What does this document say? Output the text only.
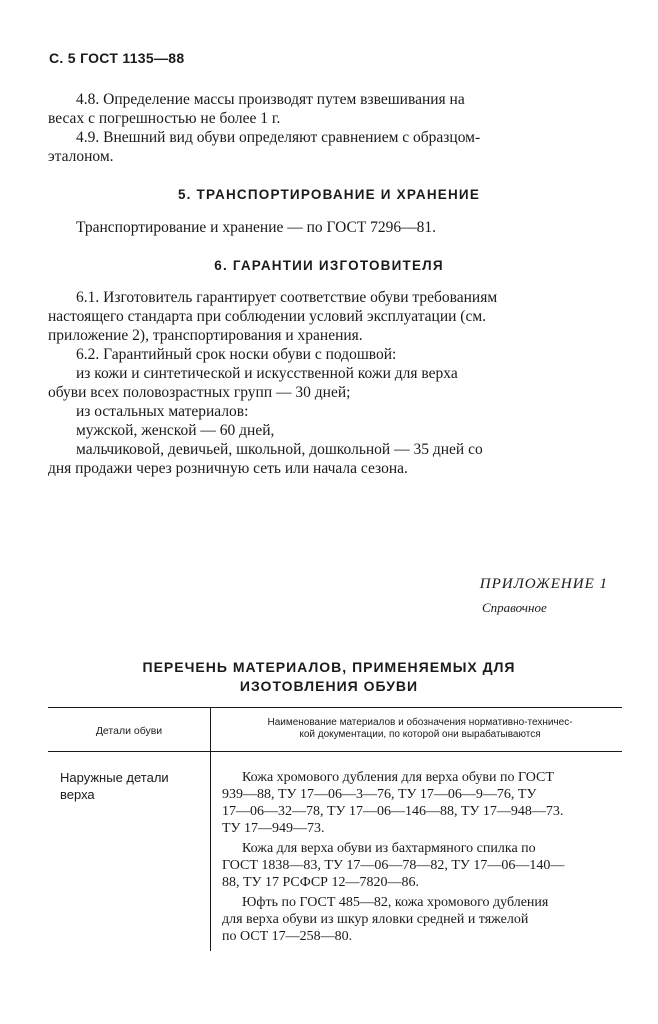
С. 5 ГОСТ 1135—88
4.8. Определение массы производят путем взвешивания на
весах с погрешностью не более 1 г.
4.9. Внешний вид обуви определяют сравнением с образцом-
эталоном.
5. ТРАНСПОРТИРОВАНИЕ И ХРАНЕНИЕ
Транспортирование и хранение — по ГОСТ 7296—81.
6. ГАРАНТИИ ИЗГОТОВИТЕЛЯ
6.1. Изготовитель гарантирует соответствие обуви требованиям
настоящего стандарта при соблюдении условий эксплуатации (см.
приложение 2), транспортирования и хранения.
6.2. Гарантийный срок носки обуви с подошвой:
из кожи и синтетической и искусственной кожи для верха
обуви всех половозрастных групп — 30 дней;
из остальных материалов:
мужской, женской — 60 дней,
мальчиковой, девичьей, школьной, дошкольной — 35 дней со
дня продажи через розничную сеть или начала сезона.
ПРИЛОЖЕНИЕ 1
Справочное
ПЕРЕЧЕНЬ МАТЕРИАЛОВ, ПРИМЕНЯЕМЫХ ДЛЯ
ИЗОТОВЛЕНИЯ ОБУВИ
Детали обуви
Наименование материалов и обозначения нормативно-техничес-
кой документации, по которой они вырабатываются
Наружные детали
верха
Кожа хромового дубления для верха обуви по ГОСТ
939—88, ТУ 17—06—3—76, ТУ 17—06—9—76, ТУ
17—06—32—78, ТУ 17—06—146—88, ТУ 17—948—73.
ТУ 17—949—73.
Кожа для верха обуви из бахтармяного спилка по
ГОСТ 1838—83, ТУ 17—06—78—82, ТУ 17—06—140—
88, ТУ 17 РСФСР 12—7820—86.
Юфть по ГОСТ 485—82, кожа хромового дубления
для верха обуви из шкур яловки средней и тяжелой
по ОСТ 17—258—80.
